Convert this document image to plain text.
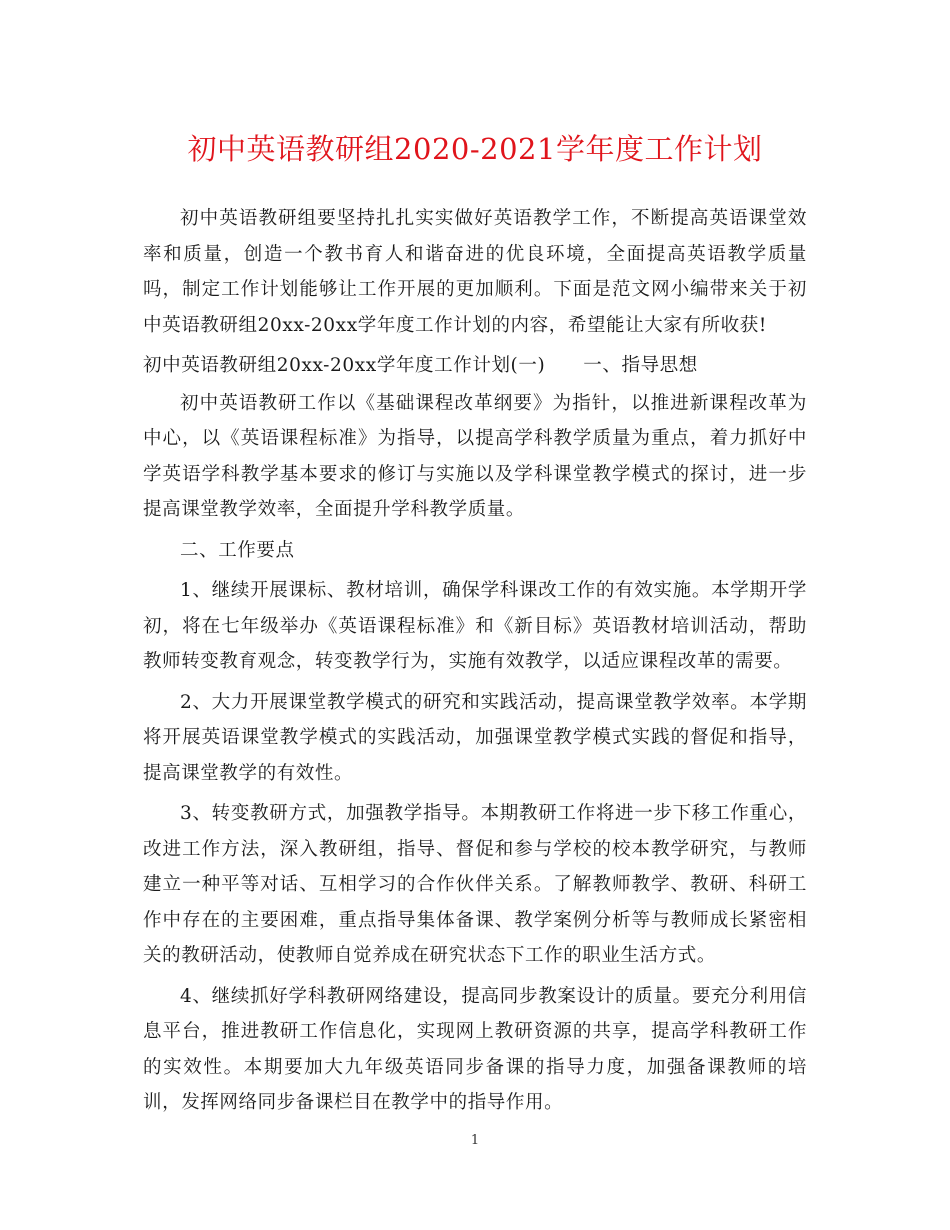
初中英语教研组2020-2021学年度工作计划

初中英语教研组要坚持扎扎实实做好英语教学工作，不断提高英语课堂效率和质量，创造一个教书育人和谐奋进的优良环境，全面提高英语教学质量吗，制定工作计划能够让工作开展的更加顺利。下面是范文网小编带来关于初中英语教研组20xx-20xx学年度工作计划的内容，希望能让大家有所收获!

初中英语教研组20xx-20xx学年度工作计划(一) 一、指导思想

初中英语教研工作以《基础课程改革纲要》为指针，以推进新课程改革为中心，以《英语课程标准》为指导，以提高学科教学质量为重点，着力抓好中学英语学科教学基本要求的修订与实施以及学科课堂教学模式的探讨，进一步提高课堂教学效率，全面提升学科教学质量。

二、工作要点

1、继续开展课标、教材培训，确保学科课改工作的有效实施。本学期开学初，将在七年级举办《英语课程标准》和《新目标》英语教材培训活动，帮助教师转变教育观念，转变教学行为，实施有效教学，以适应课程改革的需要。

2、大力开展课堂教学模式的研究和实践活动，提高课堂教学效率。本学期将开展英语课堂教学模式的实践活动，加强课堂教学模式实践的督促和指导，提高课堂教学的有效性。

3、转变教研方式，加强教学指导。本期教研工作将进一步下移工作重心，改进工作方法，深入教研组，指导、督促和参与学校的校本教学研究，与教师建立一种平等对话、互相学习的合作伙伴关系。了解教师教学、教研、科研工作中存在的主要困难，重点指导集体备课、教学案例分析等与教师成长紧密相关的教研活动，使教师自觉养成在研究状态下工作的职业生活方式。

4、继续抓好学科教研网络建设，提高同步教案设计的质量。要充分利用信息平台，推进教研工作信息化，实现网上教研资源的共享，提高学科教研工作的实效性。本期要加大九年级英语同步备课的指导力度，加强备课教师的培训，发挥网络同步备课栏目在教学中的指导作用。

1
